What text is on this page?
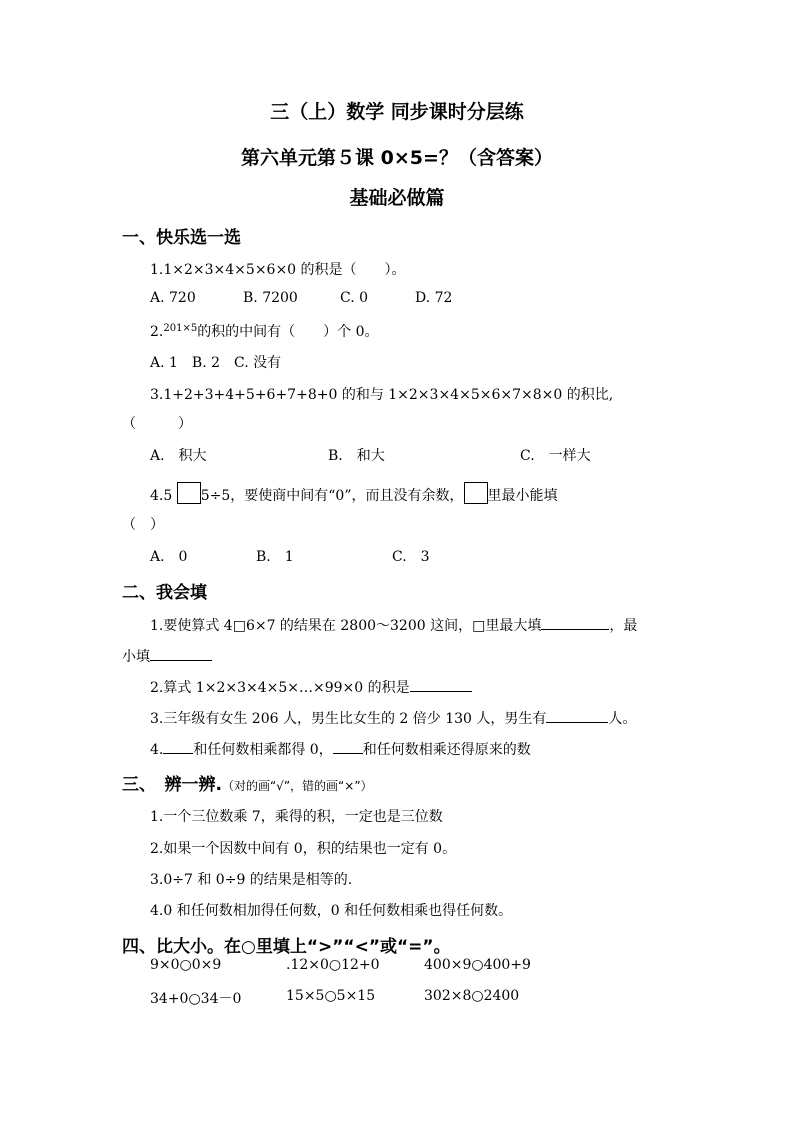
三（上）数学 同步课时分层练
第六单元第５课 0×5=？（含答案）
基础必做篇
一、快乐选一选
1.1×2×3×4×5×6×0 的积是（　　）。
A. 720	B. 7200	C. 0	D. 72
2.$^{201\times 5}$的积的中间有（　　）个 0。
A. 1　B. 2　C. 没有
3.1+2+3+4+5+6+7+8+0 的和与 1×2×3×4×5×6×7×8×0 的积比,
（　　　）
A.　积大	B.　和大	C.　一样大
4.5 5÷5，要使商中间有“0”，而且没有余数， 里最小能填
（　）
A.　0	B.　1	C.　3
二、我会填
1.要使算式 4□6×7 的结果在 2800～3200 这间，□里最大填	，最
小填
2.算式 1×2×3×4×5×…×99×0 的积是
3.三年级有女生 206 人，男生比女生的 2 倍少 130 人，男生有	人。
4. 和任何数相乘都得 0， 和任何数相乘还得原来的数
三、　辨一辨.（对的画“√”，错的画“×”）
1.一个三位数乘 7，乘得的积，一定也是三位数
2.如果一个因数中间有 0，积的结果也一定有 0。
3.0÷7 和 0÷9 的结果是相等的.
4.0 和任何数相加得任何数，0 和任何数相乘也得任何数。
四、比大小。在○里填上“>”“<”或“=”。
9×0○0×9	.12×0○12+0	400×9○400+9
34+0○34－0	15×5○5×15	302×8○2400
